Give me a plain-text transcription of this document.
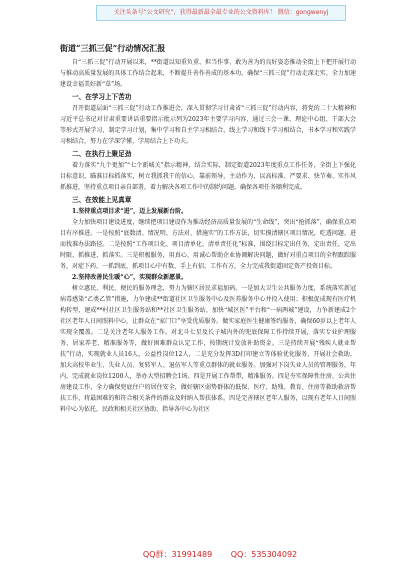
关注头条号“公文研究”，获得最新最全最专业的公文资料库！ 微信：gongwenyj
街道“三抓三促”行动情况汇报

自“三抓三促”行动开展以来，**街道以知重负重、担当作事、敢为善为的良好姿态推动全街上下把开展行动与推动高质量发展的具体工作结合起来，不断提升善作善成的基本功，确保“三抓三促”行动走深走实，全力加速建设幸福美好新“草”场。

一、在学习上下苦功

召开街道层面“三抓三促”行动工作推进会，深入贯彻学习甘肃省“三抓三促”行动内容，将党的二十大精神和习近平总书记对甘肃重要讲话重要指示批示列为2023年主要学习内容，通过三会一课、理论中心组、干部大会等形式开展学习，制定学习计划，集中学习和自主学习相结合，线上学习和线下学习相结合，书本学习和实践学习相结合，努力在学深学懂、学用结合上下功夫。

二、在执行上聚足劲

着力落实“九个更加”“七个新城关”指示精神，结合实际，制定街道2023年度重点工作任务，全街上下强化目标意识，瞄准目标抓落实，树立我抓我干的信心，靠前领导，主动作为，以高标准、严要求、快节奏、实作风抓推进，坚持重点项目亲自部署，着力解决各项工作中的制约问题，确保各项任务顺利完成。

三、在效能上见真章
1.坚持重点项目求“进”，迈上发展新台阶。

全力加快项目建设进度，继续把项目建设作为推动经济高质量发展的“生命线”，突出“抢抓落”，确保重点项目有序推进。一是按照“底数清、情况明、方法对、措施实”的工作方法，切实摸清辖区项目情况，吃透问题，进而找准办法路径。二是按照“工作项目化、项目清单化、清单责任化”标准，围绕目标定出任务，定出责任，定出时限，抓推进，抓落实。三是积极服务，用真心、用诚心帮助企业协调解决问题，做好对重点项目的全程跟踪服务，对症下药，一抓到底，抓项目心中有数、手上有招、工作有方，全力完成我街道固定资产投资目标。

2.坚持改善民生暖“心”，实现群众新愿景。

树立惠民、利民、便民的服务理念，努力为辖区居民求福加码。一是加大卫生公共服务力度，系统落实新冠病毒感染“乙类乙管”措施，力争建成**街道社区卫生服务中心及医养服务中心并投入使用；积极促成现有医疗机构转型，建成**村社区卫生服务站和**社区卫生服务站，加快“城区医”平台和“一病两城”建设，力争新建成2个社区老年人日间照料中心，让群众在“家门口”享受优质服务。做实家庭医生健康签约服务，确保60岁以上老年人实现全覆盖。二是关注老年人服务工作。对北斗七星及长子城内外的兜底保障工作持续开展，落实专业护理服务、居家养老、精准服务等，做好困难群众认定工作，按期统计发放补助资金。三是持续开展“残疾人就业帮扶”行动，实现就业人员16人，公益性岗位12人，二是充分发挥3D打印建立等体验优化服务，开展社会救助，加大高校毕业生、失业人员、复转军人、退伍军人等重点群体的就业服务。加强对下岗失业人员的管理服务，年内，完成就业岗位1200人，举办大型招聘会1场。四是开展工作帮带，精准服务。四是夯实保障性住房、公共住房建设工作，全力确保兜底住户的居住安全，做好辖区弱势群体的低保、医疗、助残、教育、住房等救助救济帮扶工作，将最困难的和符合相关条件的群众及时纳入帮扶体系。四是完善辖区老年人服务，以现有老年人日间照料中心为依托，民政和相关社区协助、指导各中心为社区

QQ群：31991489 QQ：535304092
